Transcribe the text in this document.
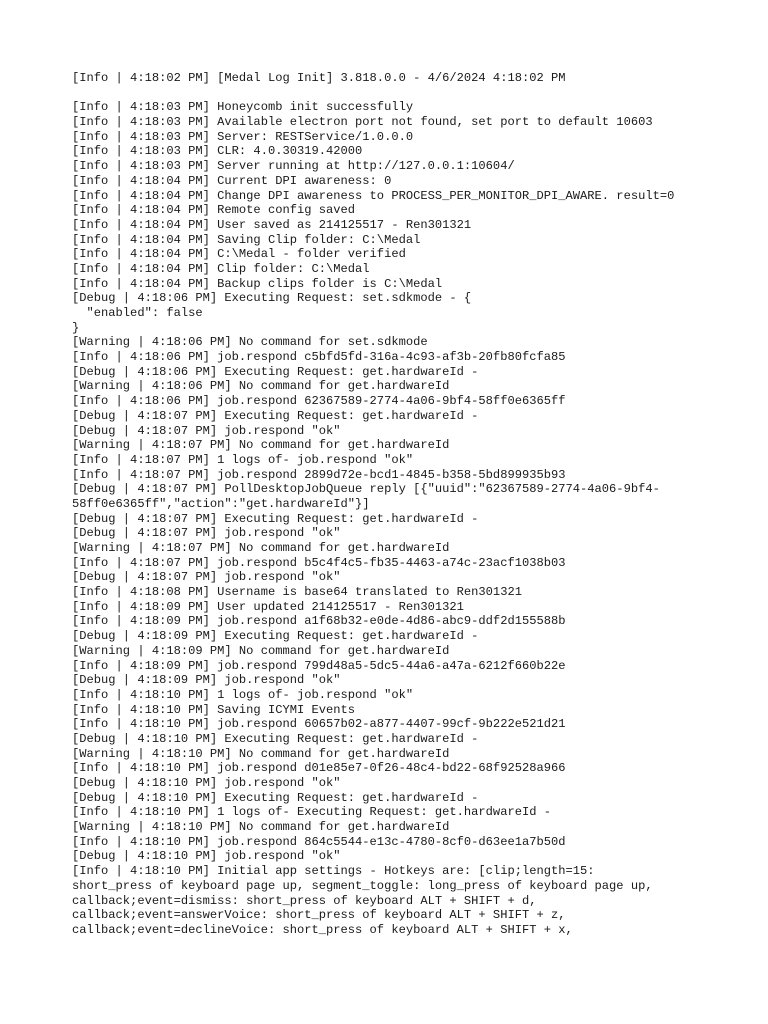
[Info | 4:18:02 PM] [Medal Log Init] 3.818.0.0 - 4/6/2024 4:18:02 PM
[Info | 4:18:03 PM] Honeycomb init successfully
[Info | 4:18:03 PM] Available electron port not found, set port to default 10603
[Info | 4:18:03 PM] Server: RESTService/1.0.0.0
[Info | 4:18:03 PM] CLR: 4.0.30319.42000
[Info | 4:18:03 PM] Server running at http://127.0.0.1:10604/
[Info | 4:18:04 PM] Current DPI awareness: 0
[Info | 4:18:04 PM] Change DPI awareness to PROCESS_PER_MONITOR_DPI_AWARE. result=0
[Info | 4:18:04 PM] Remote config saved
[Info | 4:18:04 PM] User saved as 214125517 - Ren301321
[Info | 4:18:04 PM] Saving Clip folder: C:\Medal
[Info | 4:18:04 PM] C:\Medal - folder verified
[Info | 4:18:04 PM] Clip folder: C:\Medal
[Info | 4:18:04 PM] Backup clips folder is C:\Medal
[Debug | 4:18:06 PM] Executing Request: set.sdkmode - {
"enabled": false
}
[Warning | 4:18:06 PM] No command for set.sdkmode
[Info | 4:18:06 PM] job.respond c5bfd5fd-316a-4c93-af3b-20fb80fcfa85
[Debug | 4:18:06 PM] Executing Request: get.hardwareId -
[Warning | 4:18:06 PM] No command for get.hardwareId
[Info | 4:18:06 PM] job.respond 62367589-2774-4a06-9bf4-58ff0e6365ff
[Debug | 4:18:07 PM] Executing Request: get.hardwareId -
[Debug | 4:18:07 PM] job.respond "ok"
[Warning | 4:18:07 PM] No command for get.hardwareId
[Info | 4:18:07 PM] 1 logs of- job.respond "ok"
[Info | 4:18:07 PM] job.respond 2899d72e-bcd1-4845-b358-5bd899935b93
[Debug | 4:18:07 PM] PollDesktopJobQueue reply [{"uuid":"62367589-2774-4a06-9bf4-
58ff0e6365ff","action":"get.hardwareId"}]
[Debug | 4:18:07 PM] Executing Request: get.hardwareId -
[Debug | 4:18:07 PM] job.respond "ok"
[Warning | 4:18:07 PM] No command for get.hardwareId
[Info | 4:18:07 PM] job.respond b5c4f4c5-fb35-4463-a74c-23acf1038b03
[Debug | 4:18:07 PM] job.respond "ok"
[Info | 4:18:08 PM] Username is base64 translated to Ren301321
[Info | 4:18:09 PM] User updated 214125517 - Ren301321
[Info | 4:18:09 PM] job.respond a1f68b32-e0de-4d86-abc9-ddf2d155588b
[Debug | 4:18:09 PM] Executing Request: get.hardwareId -
[Warning | 4:18:09 PM] No command for get.hardwareId
[Info | 4:18:09 PM] job.respond 799d48a5-5dc5-44a6-a47a-6212f660b22e
[Debug | 4:18:09 PM] job.respond "ok"
[Info | 4:18:10 PM] 1 logs of- job.respond "ok"
[Info | 4:18:10 PM] Saving ICYMI Events
[Info | 4:18:10 PM] job.respond 60657b02-a877-4407-99cf-9b222e521d21
[Debug | 4:18:10 PM] Executing Request: get.hardwareId -
[Warning | 4:18:10 PM] No command for get.hardwareId
[Info | 4:18:10 PM] job.respond d01e85e7-0f26-48c4-bd22-68f92528a966
[Debug | 4:18:10 PM] job.respond "ok"
[Debug | 4:18:10 PM] Executing Request: get.hardwareId -
[Info | 4:18:10 PM] 1 logs of- Executing Request: get.hardwareId -
[Warning | 4:18:10 PM] No command for get.hardwareId
[Info | 4:18:10 PM] job.respond 864c5544-e13c-4780-8cf0-d63ee1a7b50d
[Debug | 4:18:10 PM] job.respond "ok"
[Info | 4:18:10 PM] Initial app settings - Hotkeys are: [clip;length=15:
short_press of keyboard page up, segment_toggle: long_press of keyboard page up,
callback;event=dismiss: short_press of keyboard ALT + SHIFT + d,
callback;event=answerVoice: short_press of keyboard ALT + SHIFT + z,
callback;event=declineVoice: short_press of keyboard ALT + SHIFT + x,
